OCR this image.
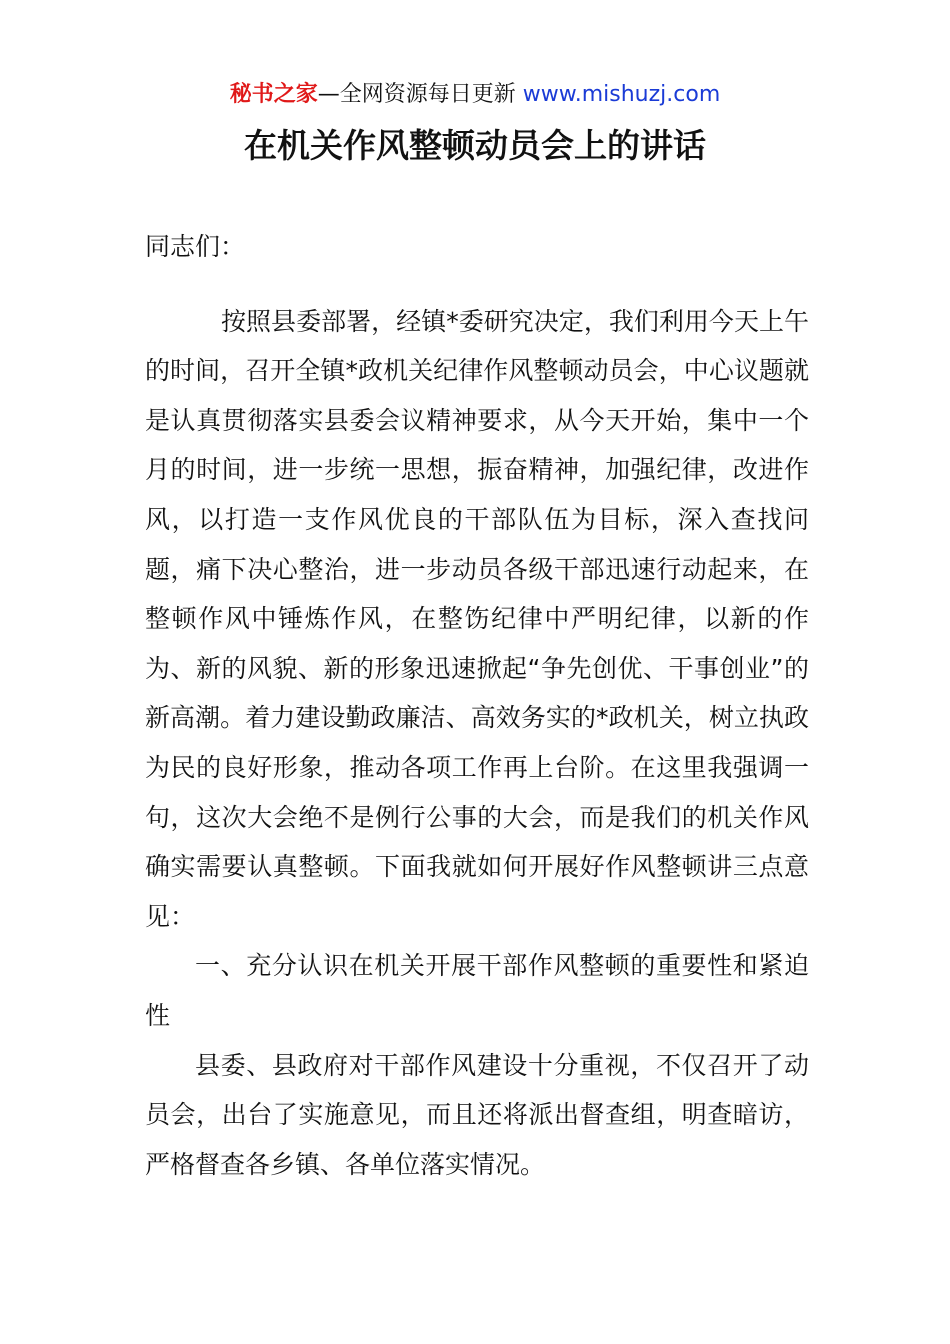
秘书之家—全网资源每日更新 www.mishuzj.com
在机关作风整顿动员会上的讲话

同志们：

按照县委部署，经镇*委研究决定，我们利用今天上午的时间，召开全镇*政机关纪律作风整顿动员会，中心议题就是认真贯彻落实县委会议精神要求，从今天开始，集中一个月的时间，进一步统一思想，振奋精神，加强纪律，改进作风，以打造一支作风优良的干部队伍为目标，深入查找问题，痛下决心整治，进一步动员各级干部迅速行动起来，在整顿作风中锤炼作风，在整饬纪律中严明纪律，以新的作为、新的风貌、新的形象迅速掀起“争先创优、干事创业”的新高潮。着力建设勤政廉洁、高效务实的*政机关，树立执政为民的良好形象，推动各项工作再上台阶。在这里我强调一句，这次大会绝不是例行公事的大会，而是我们的机关作风确实需要认真整顿。下面我就如何开展好作风整顿讲三点意见：

一、充分认识在机关开展干部作风整顿的重要性和紧迫性

县委、县政府对干部作风建设十分重视，不仅召开了动员会，出台了实施意见，而且还将派出督查组，明查暗访，严格督查各乡镇、各单位落实情况。
